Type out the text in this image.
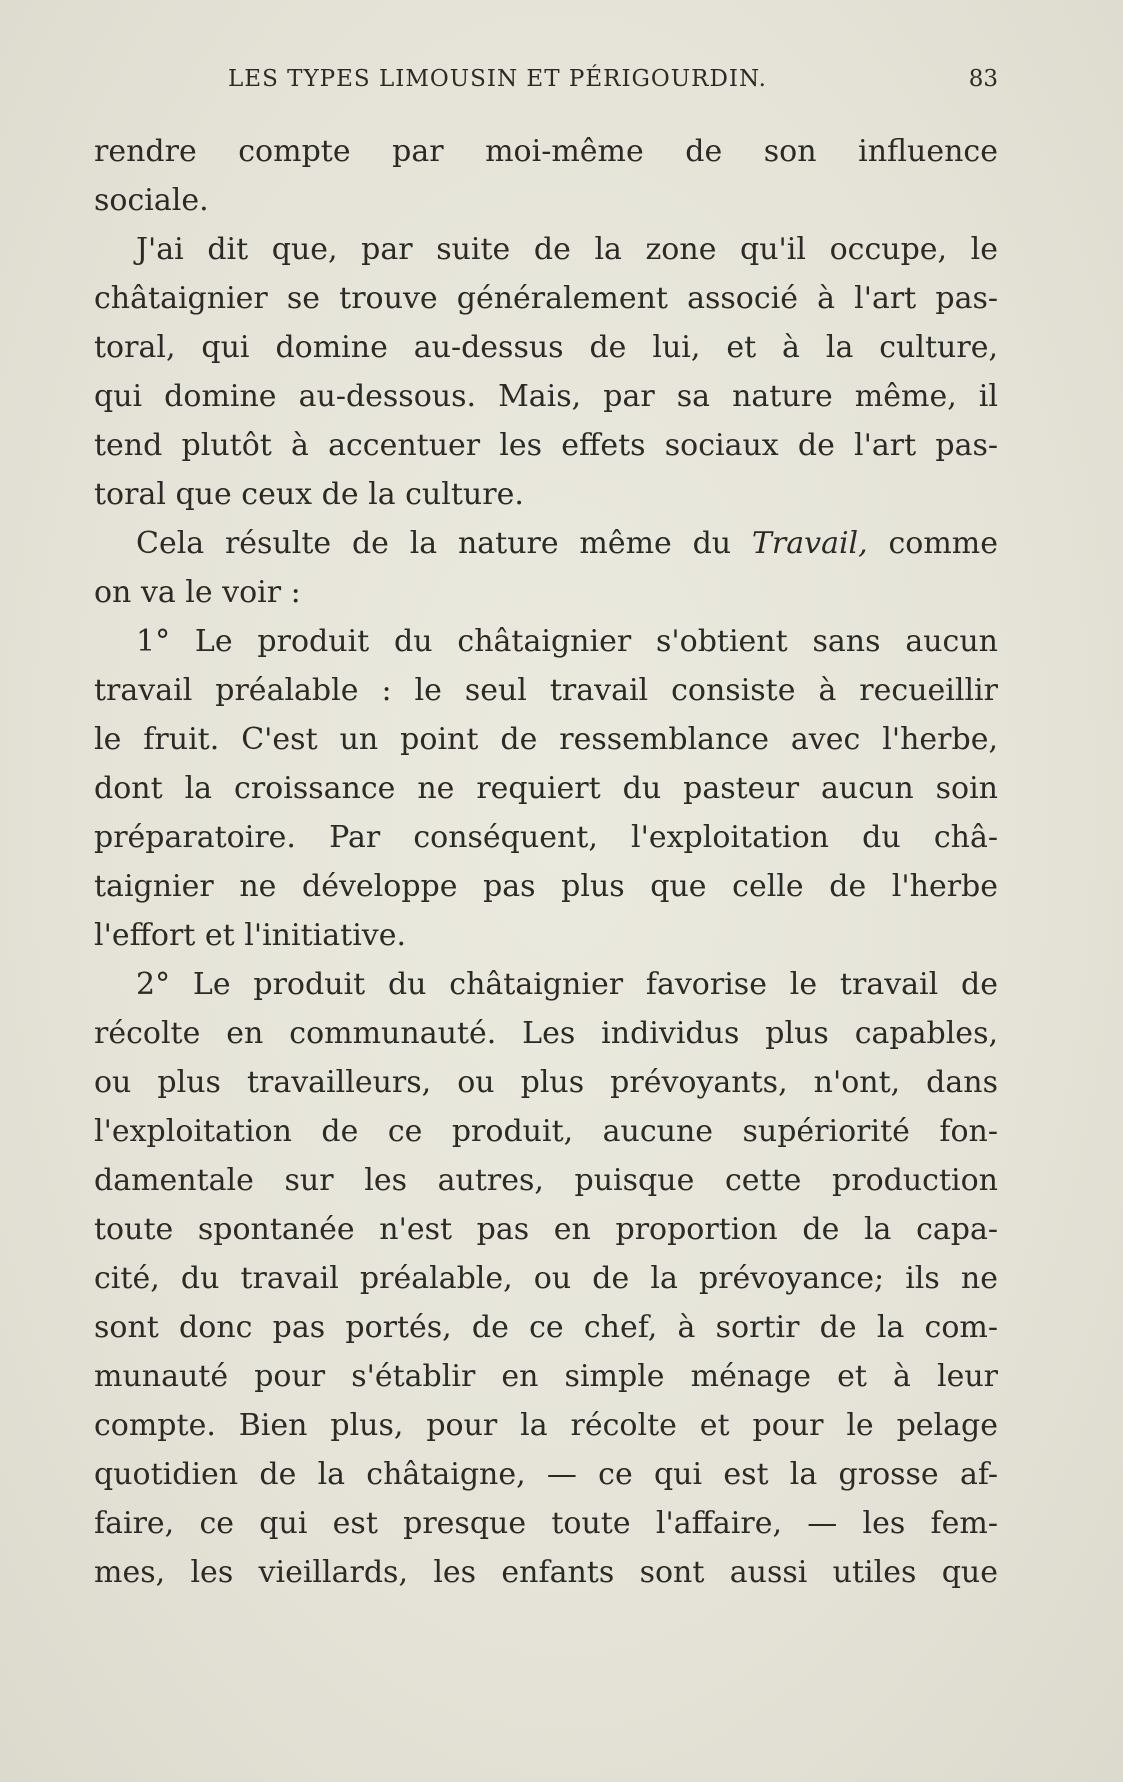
LES TYPES LIMOUSIN ET PÉRIGOURDIN.	83
rendre compte par moi-même de son influence
sociale.
J'ai dit que, par suite de la zone qu'il occupe, le
châtaignier se trouve généralement associé à l'art pas-
toral, qui domine au-dessus de lui, et à la culture,
qui domine au-dessous. Mais, par sa nature même, il
tend plutôt à accentuer les effets sociaux de l'art pas-
toral que ceux de la culture.
Cela résulte de la nature même du Travail, comme
on va le voir :
1° Le produit du châtaignier s'obtient sans aucun
travail préalable : le seul travail consiste à recueillir
le fruit. C'est un point de ressemblance avec l'herbe,
dont la croissance ne requiert du pasteur aucun soin
préparatoire. Par conséquent, l'exploitation du châ-
taignier ne développe pas plus que celle de l'herbe
l'effort et l'initiative.
2° Le produit du châtaignier favorise le travail de
récolte en communauté. Les individus plus capables,
ou plus travailleurs, ou plus prévoyants, n'ont, dans
l'exploitation de ce produit, aucune supériorité fon-
damentale sur les autres, puisque cette production
toute spontanée n'est pas en proportion de la capa-
cité, du travail préalable, ou de la prévoyance; ils ne
sont donc pas portés, de ce chef, à sortir de la com-
munauté pour s'établir en simple ménage et à leur
compte. Bien plus, pour la récolte et pour le pelage
quotidien de la châtaigne, — ce qui est la grosse af-
faire, ce qui est presque toute l'affaire, — les fem-
mes, les vieillards, les enfants sont aussi utiles que
